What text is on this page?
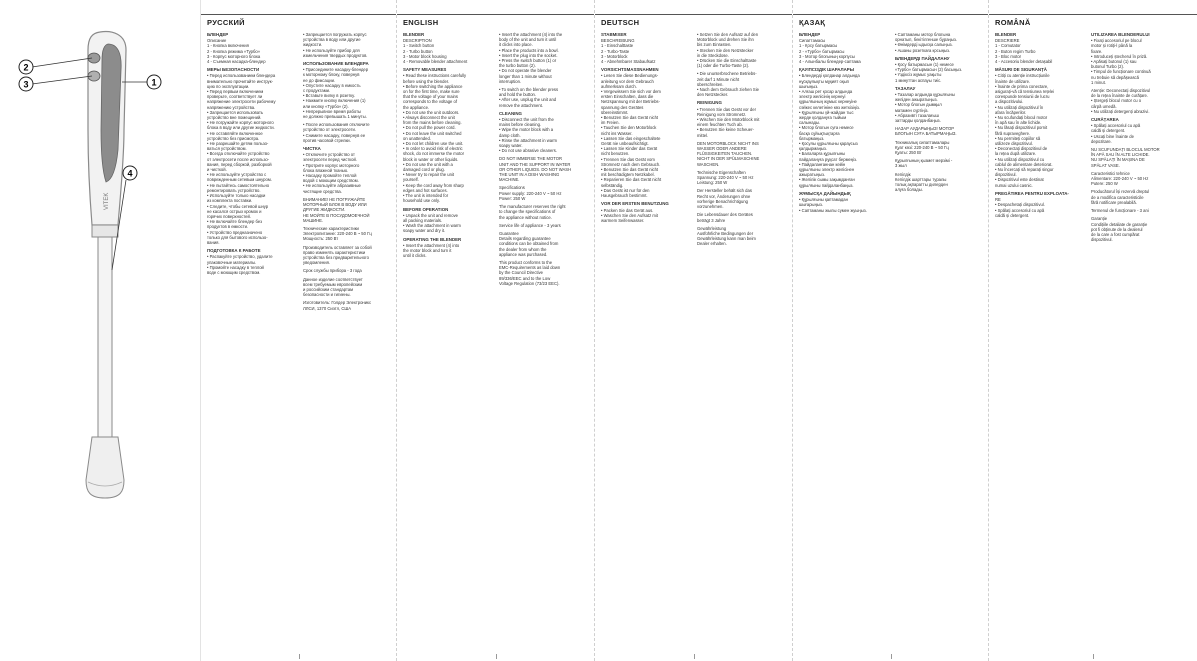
VITEK
2
3	1
4
РУССКИЙ
БЛЕНДЕР
Описание
1 - Кнопка включения
2 - Кнопка режима «Турбо»
3 - Корпус моторного блока
4 - Съемная насадка-блендер
МЕРЫ БЕЗОПАСНОСТИ
• Перед использованием блендера
внимательно прочитайте инструк-
цию по эксплуатации.
• Перед первым включением
проверьте, соответствует ли
напряжение электросети рабочему
напряжению устройства.
• Запрещается использовать
устройство вне помещений.
• Не погружайте корпус моторного
блока в воду или другие жидкости.
• Не оставляйте включенное
устройство без присмотра.
• Не разрешайте детям пользо-
ваться устройством.
• Всегда отключайте устройство
от электросети после использо-
вания, перед сборкой, разборкой
и чисткой.
• Не используйте устройство с
поврежденным сетевым шнуром.
• Не пытайтесь самостоятельно
ремонтировать устройство.
• Используйте только насадки
из комплекта поставки.
• Следите, чтобы сетевой шнур
не касался острых кромок и
горячих поверхностей.
• Не включайте блендер без
продуктов в емкости.
• Устройство предназначено
только для бытового использо-
вания.
ПОДГОТОВКА К РАБОТЕ
• Распакуйте устройство, удалите
упаковочные материалы.
• Промойте насадку в теплой
воде с моющим средством.
• Запрещается погружать корпус
устройства в воду или другие
жидкости.
• Не используйте прибор для
измельчения твердых продуктов.
ИСПОЛЬЗОВАНИЕ БЛЕНДЕРА
• Присоедините насадку-блендер
к моторному блоку, повернув
ее до фиксации.
• Опустите насадку в емкость
с продуктами.
• Вставьте вилку в розетку.
• Нажмите кнопку включения (1)
или кнопку «Турбо» (2).
• Непрерывное время работы
не должно превышать 1 минуты.
• После использования отключите
устройство от электросети.
• Снимите насадку, повернув ее
против часовой стрелки.
ЧИСТКА
• Отключите устройство от
электросети перед чисткой.
• Протрите корпус моторного
блока влажной тканью.
• Насадку промойте теплой
водой с моющим средством.
• Не используйте абразивные
чистящие средства.
ВНИМАНИЕ! НЕ ПОГРУЖАЙТЕ
МОТОРНЫЙ БЛОК В ВОДУ ИЛИ
ДРУГИЕ ЖИДКОСТИ.
НЕ МОЙТЕ В ПОСУДОМОЕЧНОЙ
МАШИНЕ.
Технические характеристики
Электропитание: 220-240 В ~ 50 Гц
Мощность: 250 Вт
Производитель оставляет за собой
право изменять характеристики
устройства без предварительного
уведомления.
Срок службы прибора - 3 года
Данное изделие соответствует
всем требуемым европейским
и российским стандартам
безопасности и гигиены.
Изготовитель: Голдер Электроникс
ЛЛСИ, 1370 Сиэтл, США
ENGLISH
BLENDER
DESCRIPTION
1 - Switch button
2 - Turbo button
3 - Motor block housing
4 - Removable blender attachment
SAFETY MEASURES
• Read these instructions carefully
before using the blender.
• Before switching the appliance
on for the first time, make sure
that the voltage of your mains
corresponds to the voltage of
the appliance.
• Do not use the unit outdoors.
• Always disconnect the unit
from the mains before cleaning.
• Do not pull the power cord.
• Do not leave the unit switched
on unattended.
• Do not let children use the unit.
• In order to avoid risk of electric
shock, do not immerse the motor
block in water or other liquids.
• Do not use the unit with a
damaged cord or plug.
• Never try to repair the unit
yourself.
• Keep the cord away from sharp
edges and hot surfaces.
• The unit is intended for
household use only.
BEFORE OPERATION
• Unpack the unit and remove
all packing materials.
• Wash the attachment in warm
soapy water and dry it.
OPERATING THE BLENDER
• Insert the attachment (4) into
the motor block and turn it
until it clicks.
• Insert the attachment (4) into the
body of the unit and turn it until
it clicks into place.
• Place the products into a bowl.
• Insert the plug into the socket.
• Press the switch button (1) or
the turbo button (2).
• Do not operate the blender
longer than 1 minute without
interruption.
• To switch on the blender press
and hold the button.
• After use, unplug the unit and
remove the attachment.
CLEANING
• Disconnect the unit from the
mains before cleaning.
• Wipe the motor block with a
damp cloth.
• Rinse the attachment in warm
soapy water.
• Do not use abrasive cleaners.
DO NOT IMMERSE THE MOTOR
UNIT AND THE SUPPORT IN WATER
OR OTHER LIQUIDS. DO NOT WASH
THE UNIT IN A DISH WASHING
MACHINE.
Specifications
Power supply: 220-240 V ~ 50 Hz
Power: 250 W
The manufacturer reserves the right
to change the specifications of
the appliance without notice.
Service life of appliance - 3 years
Guarantee
Details regarding guarantee
conditions can be obtained from
the dealer from whom the
appliance was purchased.
This product conforms to the
EMC-Requirements as laid down
by the Council Directive
89/336/EEC and to the Low
Voltage Regulation (73/23 EEC).
DEUTSCH
STABMIXER
BESCHREIBUNG
1 - Einschalttaste
2 - Turbo-Taste
3 - Motorblock
4 - Abnehmbarer Stabaufsatz
VORSICHTSMASSNAHMEN
• Lesen Sie diese Bedienungs-
anleitung vor dem Gebrauch
aufmerksam durch.
• Vergewissern Sie sich vor dem
ersten Einschalten, dass die
Netzspannung mit der Betriebs-
spannung des Gerätes
übereinstimmt.
• Benutzen Sie das Gerät nicht
im Freien.
• Tauchen Sie den Motorblock
nicht ins Wasser.
• Lassen Sie das eingeschaltete
Gerät nie unbeaufsichtigt.
• Lassen Sie Kinder das Gerät
nicht benutzen.
• Trennen Sie das Gerät vom
Stromnetz nach dem Gebrauch.
• Benutzen Sie das Gerät nicht
mit beschädigtem Netzkabel.
• Reparieren Sie das Gerät nicht
selbständig.
• Das Gerät ist nur für den
Hausgebrauch bestimmt.
VOR DER ERSTEN BENUTZUNG
• Packen Sie das Gerät aus.
• Waschen Sie den Aufsatz mit
warmem Seifenwasser.
• Setzen Sie den Aufsatz auf den
Motorblock und drehen Sie ihn
bis zum Einrasten.
• Stecken Sie den Netzstecker
in die Steckdose.
• Drücken Sie die Einschalttaste
(1) oder die Turbo-Taste (2).
• Die ununterbrochene Betriebs-
zeit darf 1 Minute nicht
überschreiten.
• Nach dem Gebrauch ziehen Sie
den Netzstecker.
REINIGUNG
• Trennen Sie das Gerät vor der
Reinigung vom Stromnetz.
• Wischen Sie den Motorblock mit
einem feuchten Tuch ab.
• Benutzen Sie keine Scheuer-
mittel.
DEN MOTORBLOCK NICHT INS
WASSER ODER ANDERE
FLÜSSIGKEITEN TAUCHEN.
NICHT IN DER SPÜLMASCHINE
WASCHEN.
Technische Eigenschaften
Spannung: 220-240 V ~ 50 Hz
Leistung: 250 W
Der Hersteller behält sich das
Recht vor, Änderungen ohne
vorherige Benachrichtigung
vorzunehmen.
Die Lebensdauer des Gerätes
beträgt 3 Jahre
Gewährleistung
Ausführliche Bedingungen der
Gewährleistung kann man beim
Dealer erhalten.
ҚАЗАҚ
БЛЕНДЕР
Сипаттамасы
1 - Қосу батырмасы
2 - «Турбо» батырмасы
3 - Мотор блогының корпусы
4 - Алынбалы блендер-саптама
ҚАУІПСІЗДІК ШАРАЛАРЫ
• Блендерді қолданар алдында
нұсқаулықты мұқият оқып
шығыңыз.
• Алғаш рет қосар алдында
электр желісінің кернеуі
құрылғының жұмыс кернеуіне
сәйкес келетініне көз жеткізіңіз.
• Құрылғыны үй-жайдан тыс
жерде қолдануға тыйым
салынады.
• Мотор блогын суға немесе
басқа сұйықтықтарға
батырмаңыз.
• Қосулы құрылғыны қараусыз
қалдырмаңыз.
• Балаларға құрылғыны
пайдалануға рұқсат бермеңіз.
• Пайдаланғаннан кейін
құрылғыны электр желісінен
ажыратыңыз.
• Желілік сымы зақымданған
құрылғыны пайдаланбаңыз.
ЖҰМЫСҚА ДАЙЫНДЫҚ
• Құрылғыны қаптамадан
шығарыңыз.
• Саптаманы жылы сумен жуыңыз.
• Саптаманы мотор блогына
орнатып, бекітілгенше бұраңыз.
• Өнімдерді ыдысқа салыңыз.
• Ашаны розеткаға қосыңыз.
БЛЕНДЕРДІ ПАЙДАЛАНУ
• Қосу батырмасын (1) немесе
«Турбо» батырмасын (2) басыңыз.
• Үздіксіз жұмыс уақыты
1 минуттан аспауы тиіс.
ТАЗАЛАУ
• Тазалар алдында құрылғыны
желіден ажыратыңыз.
• Мотор блогын дымқыл
матамен сүртіңіз.
• Абразивті тазалағыш
заттарды қолданбаңыз.
НАЗАР АУДАРЫҢЫЗ! МОТОР
БЛОГЫН СУҒА БАТЫРМАҢЫЗ.
Техникалық сипаттамалары
Қуат көзі: 220-240 В ~ 50 Гц
Қуаты: 250 Вт
Құрылғының қызмет мерзімі -
3 жыл
Кепілдік
Кепілдік шарттары туралы
толық ақпаратты дилерден
алуға болады.
ROMÂNĂ
BLENDER
DESCRIERE
1 - Comutator
2 - Buton regim Turbo
3 - Bloc motor
4 - Accesoriu blender detașabil
MĂSURI DE SIGURANȚĂ
• Citiți cu atenție instrucțiunile
înainte de utilizare.
• Înainte de prima conectare,
asigurați-vă că tensiunea rețelei
corespunde tensiunii de lucru
a dispozitivului.
• Nu utilizați dispozitivul în
afara încăperilor.
• Nu scufundați blocul motor
în apă sau în alte lichide.
• Nu lăsați dispozitivul pornit
fără supraveghere.
• Nu permiteți copiilor să
utilizeze dispozitivul.
• Deconectați dispozitivul de
la rețea după utilizare.
• Nu utilizați dispozitivul cu
cablul de alimentare deteriorat.
• Nu încercați să reparați singur
dispozitivul.
• Dispozitivul este destinat
numai uzului casnic.
PREGĂTIREA PENTRU EXPLOATA-
RE
• Despachetați dispozitivul.
• Spălați accesoriul cu apă
caldă și detergent.
UTILIZAREA BLENDERULUI
• Fixați accesoriul pe blocul
motor și rotiți-l până la
fixare.
• Introduceți ștecherul în priză.
• Apăsați butonul (1) sau
butonul Turbo (2).
• Timpul de funcționare continuă
nu trebuie să depășească
1 minut.
Atenție: Deconectați dispozitivul
de la rețea înainte de curățare.
• Ștergeți blocul motor cu o
cârpă umedă.
• Nu utilizați detergenți abrazivi.
CURĂȚAREA
• Spălați accesoriul cu apă
caldă și detergent.
• Uscați bine înainte de
depozitare.
NU SCUFUNDAȚI BLOCUL MOTOR
ÎN APĂ SAU ÎN ALTE LICHIDE.
NU SPĂLAȚI ÎN MAȘINA DE
SPĂLAT VASE.
Caracteristici tehnice
Alimentare: 220-240 V ~ 50 Hz
Putere: 250 W
Producătorul își rezervă dreptul
de a modifica caracteristicile
fără notificare prealabilă.
Termenul de funcționare - 3 ani
Garanție
Condițiile detaliate de garanție
pot fi obținute de la dealerul
de la care a fost cumpărat
dispozitivul.
